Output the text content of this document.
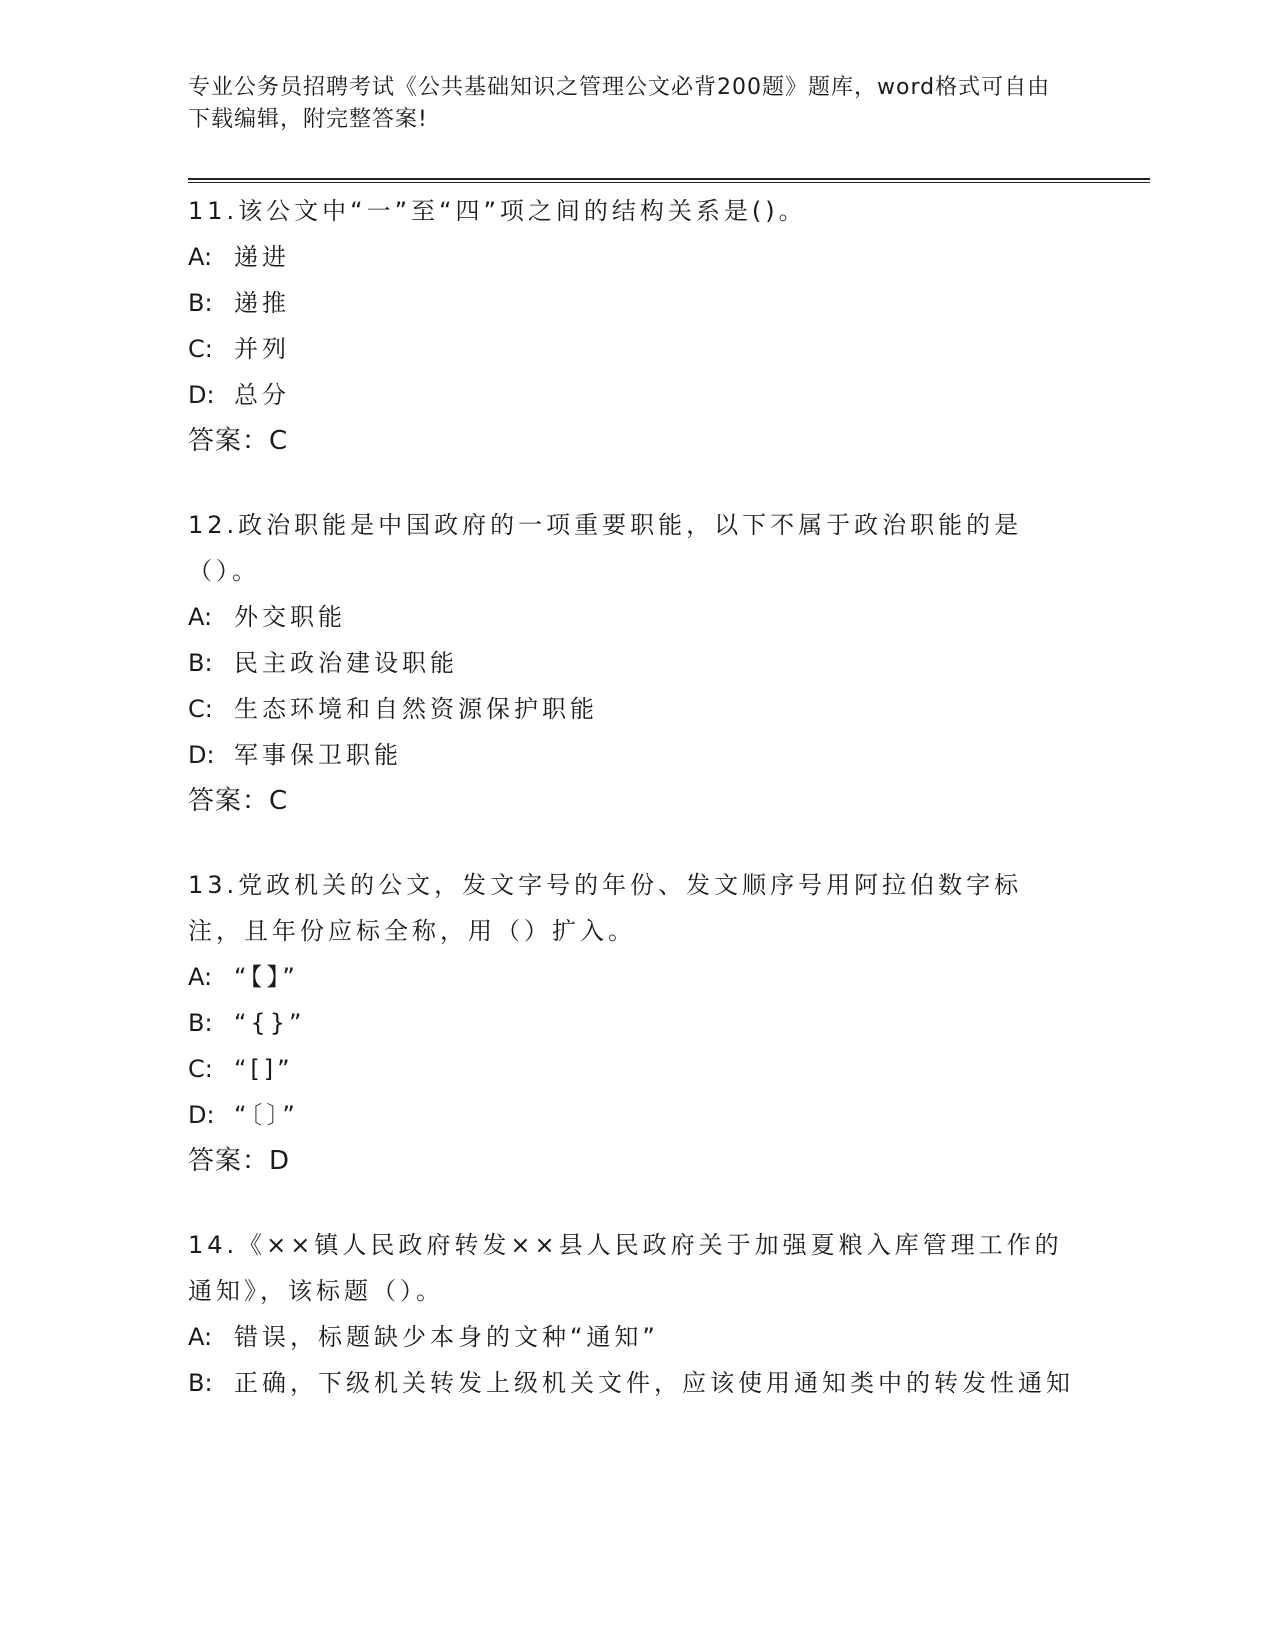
专业公务员招聘考试《公共基础知识之管理公文必背200题》题库，word格式可自由下载编辑，附完整答案!
11.该公文中“一”至“四”项之间的结构关系是()。
A: 递进
B: 递推
C: 并列
D: 总分
答案：C
12.政治职能是中国政府的一项重要职能，以下不属于政治职能的是（）。
A: 外交职能
B: 民主政治建设职能
C: 生态环境和自然资源保护职能
D: 军事保卫职能
答案：C
13.党政机关的公文，发文字号的年份、发文顺序号用阿拉伯数字标注，且年份应标全称，用（）扩入。
A: “【】”
B: “{}”
C: “[]”
D: “〔〕”
答案：D
14.《××镇人民政府转发××县人民政府关于加强夏粮入库管理工作的通知》，该标题（）。
A: 错误，标题缺少本身的文种“通知”
B: 正确，下级机关转发上级机关文件，应该使用通知类中的转发性通知
